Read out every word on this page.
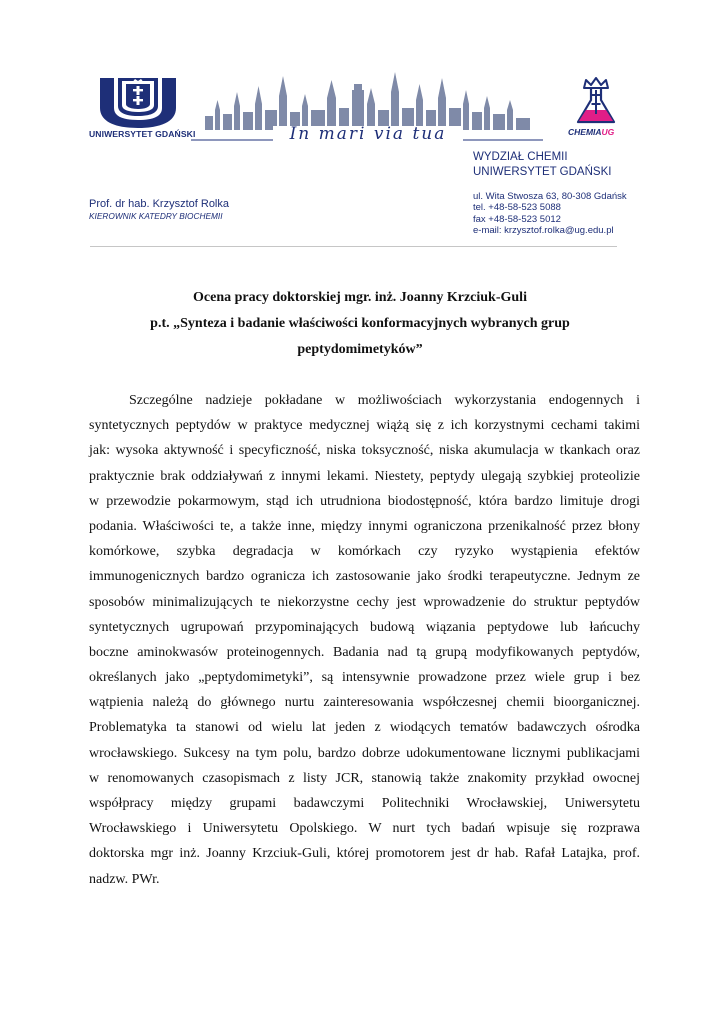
UNIWERSYTET GDAŃSKI	In mari via tua	CHEMIAUG
WYDZIAŁ CHEMII
UNIWERSYTET GDAŃSKI
Prof. dr hab. Krzysztof Rolka
KIEROWNIK KATEDRY BIOCHEMII
ul. Wita Stwosza 63, 80-308 Gdańsk
tel. +48-58-523 5088
fax +48-58-523 5012
e-mail: krzysztof.rolka@ug.edu.pl
Ocena pracy doktorskiej mgr. inż. Joanny Krzciuk-Guli
p.t. „Synteza i badanie właściwości konformacyjnych wybranych grup
peptydomimetyków”
Szczególne nadzieje pokładane w możliwościach wykorzystania endogennych i
syntetycznych peptydów w praktyce medycznej wiążą się z ich korzystnymi cechami takimi
jak: wysoka aktywność i specyficzność, niska toksyczność, niska akumulacja w tkankach oraz
praktycznie brak oddziaływań z innymi lekami. Niestety, peptydy ulegają szybkiej proteolizie
w przewodzie pokarmowym, stąd ich utrudniona biodostępność, która bardzo limituje drogi
podania. Właściwości te, a także inne, między innymi ograniczona przenikalność przez błony
komórkowe, szybka degradacja w komórkach czy ryzyko wystąpienia efektów
immunogenicznych bardzo ogranicza ich zastosowanie jako środki terapeutyczne. Jednym ze
sposobów minimalizujących te niekorzystne cechy jest wprowadzenie do struktur peptydów
syntetycznych ugrupowań przypominających budową wiązania peptydowe lub łańcuchy
boczne aminokwasów proteinogennych. Badania nad tą grupą modyfikowanych peptydów,
określanych jako „peptydomimetyki”, są intensywnie prowadzone przez wiele grup i bez
wątpienia należą do głównego nurtu zainteresowania współczesnej chemii bioorganicznej.
Problematyka ta stanowi od wielu lat jeden z wiodących tematów badawczych ośrodka
wrocławskiego. Sukcesy na tym polu, bardzo dobrze udokumentowane licznymi publikacjami
w renomowanych czasopismach z listy JCR, stanowią także znakomity przykład owocnej
współpracy między grupami badawczymi Politechniki Wrocławskiej, Uniwersytetu
Wrocławskiego i Uniwersytetu Opolskiego. W nurt tych badań wpisuje się rozprawa
doktorska mgr inż. Joanny Krzciuk-Guli, której promotorem jest dr hab. Rafał Latajka, prof.
nadzw. PWr.
